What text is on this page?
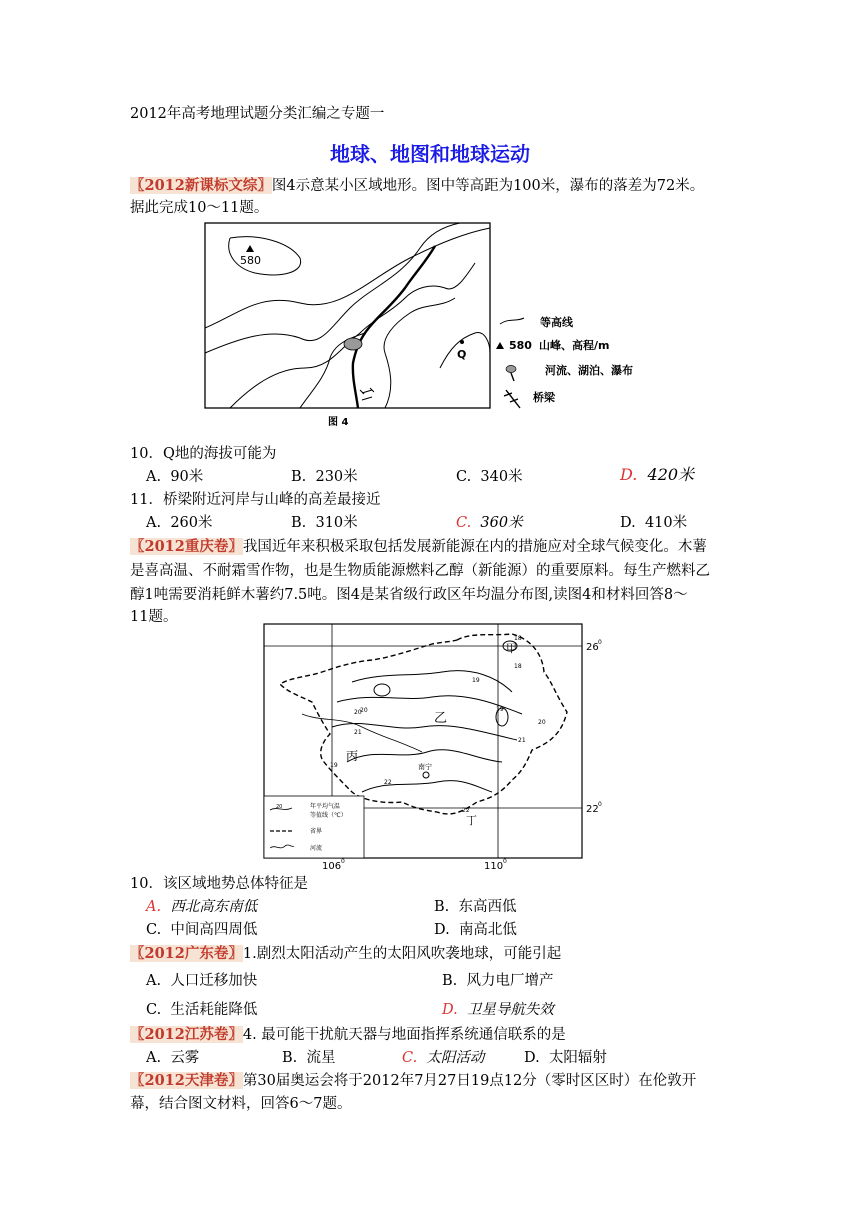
2012年高考地理试题分类汇编之专题一
地球、地图和地球运动
〖2012新课标文综〗图4示意某小区域地形。图中等高距为100米，瀑布的落差为72米。
据此完成10～11题。
580
Q
图 4
等高线
580 山峰、高程/m
河流、湖泊、瀑布
桥梁
10．Q地的海拔可能为
A. 90米	B. 230米	C. 340米	D. 420米
11．桥梁附近河岸与山峰的高差最接近
A. 260米	B. 310米	C. 360米	D. 410米
〖2012重庆卷〗我国近年来积极采取包括发展新能源在内的措施应对全球气候变化。木薯
是喜高温、不耐霜雪作物，也是生物质能源燃料乙醇（新能源）的重要原料。每生产燃料乙
醇1吨需要消耗鲜木薯约7.5吨。图4是某省级行政区年均温分布图,读图4和材料回答8～
11题。
18
19
20
21
22
19
20
21
22
20	19
18
甲
乙
丙
丁
南宁
26 0
22 0
106 0	110 0
20	年平均气温
等值线（℃）
省界
河流
10．该区域地势总体特征是
A. 西北高东南低	B. 东高西低
C. 中间高四周低	D. 南高北低
〖2012广东卷〗1.剧烈太阳活动产生的太阳风吹袭地球，可能引起
A. 人口迁移加快	B. 风力电厂增产
C. 生活耗能降低	D. 卫星导航失效
〖2012江苏卷〗4. 最可能干扰航天器与地面指挥系统通信联系的是
A. 云雾	B. 流星	C. 太阳活动	D. 太阳辐射
〖2012天津卷〗第30届奥运会将于2012年7月27日19点12分（零时区区时）在伦敦开
幕，结合图文材料，回答6～7题。
